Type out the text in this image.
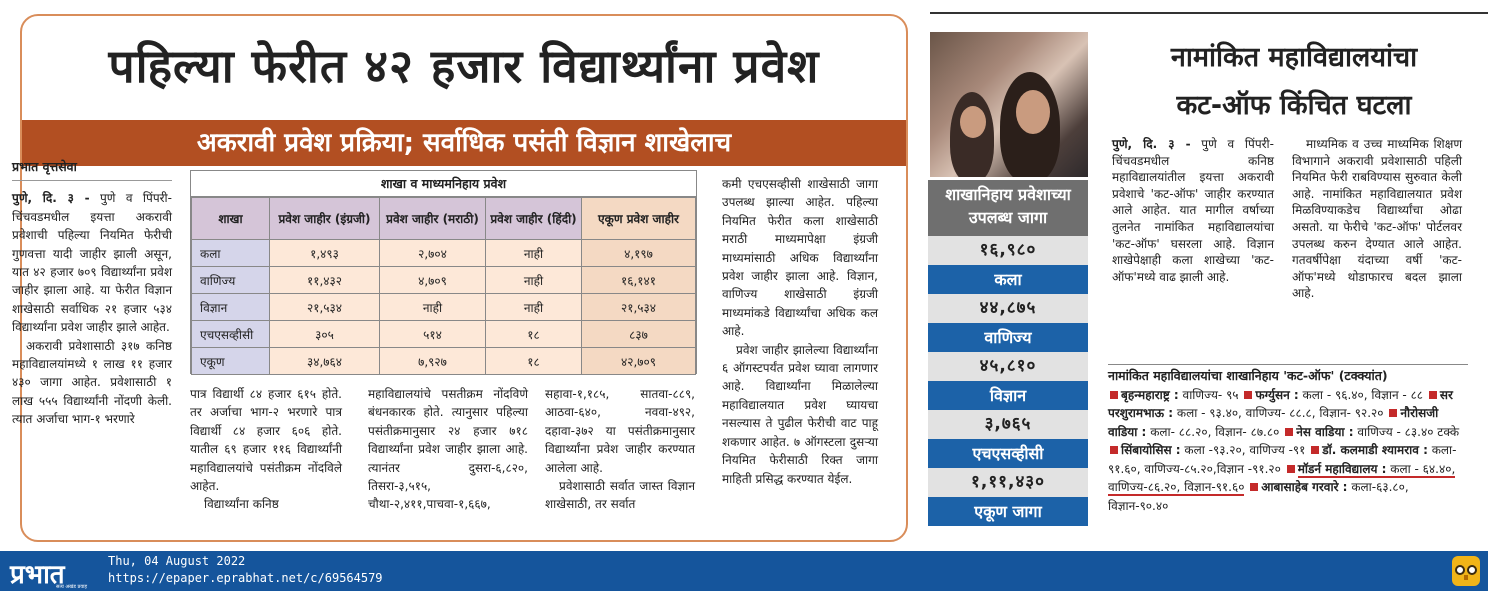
पहिल्या फेरीत ४२ हजार विद्यार्थ्यांना प्रवेश
अकरावी प्रवेश प्रक्रिया; सर्वाधिक पसंती विज्ञान शाखेलाच
प्रभात वृत्तसेवा

पुणे, दि. ३ - पुणे व पिंपरी-चिंचवडमधील इयत्ता अकरावी प्रवेशाची पहिल्या नियमित फेरीची गुणवत्ता यादी जाहीर झाली असून, यात ४२ हजार ७०९ विद्यार्थ्यांना प्रवेश जाहीर झाला आहे. या फेरीत विज्ञान शाखेसाठी सर्वाधिक २१ हजार ५३४ विद्यार्थ्यांना प्रवेश जाहीर झाले आहेत.

अकरावी प्रवेशासाठी ३१७ कनिष्ठ महाविद्यालयांमध्ये १ लाख ११ हजार ४३० जागा आहेत. प्रवेशासाठी १ लाख ५५५ विद्यार्थ्यांनी नोंदणी केली. त्यात अर्जाचा भाग-१ भरणारे

शाखा व माध्यमनिहाय प्रवेश
शाखा	प्रवेश जाहीर (इंग्रजी)	प्रवेश जाहीर (मराठी)	प्रवेश जाहीर (हिंदी)	एकूण प्रवेश जाहीर
कला	१,४९३	२,७०४	नाही	४,१९७
वाणिज्य	११,४३२	४,७०९	नाही	१६,१४१
विज्ञान	२१,५३४	नाही	नाही	२१,५३४
एचएसव्हीसी	३०५	५१४	१८	८३७
एकूण	३४,७६४	७,९२७	१८	४२,७०९

पात्र विद्यार्थी ८४ हजार ६१५ होते. तर अर्जाचा भाग-२ भरणारे पात्र विद्यार्थी ८४ हजार ६०६ होते. यातील ६९ हजार ११६ विद्यार्थ्यांनी महाविद्यालयांचे पसंतीक्रम नोंदविले आहेत.

विद्यार्थ्यांना कनिष्ठ

महाविद्यालयांचे पसतीक्रम नोंदविणे बंधनकारक होते. त्यानुसार पहिल्या पसंतीक्रमानुसार २४ हजार ७१८ विद्यार्थ्यांना प्रवेश जाहीर झाला आहे. त्यानंतर दुसरा-६,८२०, तिसरा-३,५१५, चौथा-२,४११,पाचवा-१,६६७,

सहावा-१,१८५, सातवा-८८९, आठवा-६४०, नववा-४९२, दहावा-३७२ या पसंतीक्रमानुसार विद्यार्थ्यांना प्रवेश जाहीर करण्यात आलेला आहे.

प्रवेशासाठी सर्वात जास्त विज्ञान शाखेसाठी, तर सर्वात

कमी एचएसव्हीसी शाखेसाठी जागा उपलब्ध झाल्या आहेत. पहिल्या नियमित फेरीत कला शाखेसाठी मराठी माध्यमापेक्षा इंग्रजी माध्यमांसाठी अधिक विद्यार्थ्यांना प्रवेश जाहीर झाला आहे. विज्ञान, वाणिज्य शाखेसाठी इंग्रजी माध्यमांकडे विद्यार्थ्यांचा अधिक कल आहे.

प्रवेश जाहीर झालेल्या विद्यार्थ्यांना ६ ऑगस्टपर्यंत प्रवेश घ्यावा लागणार आहे. विद्यार्थ्यांना मिळालेल्या महाविद्यालयात प्रवेश घ्यायचा नसल्यास ते पुढील फेरीची वाट पाहू शकणार आहेत. ७ ऑगस्टला दुसऱ्या नियमित फेरीसाठी रिक्त जागा माहिती प्रसिद्ध करण्यात येईल.

शाखानिहाय प्रवेशाच्या उपलब्ध जागा
१६,९८०
कला
४४,८७५
वाणिज्य
४५,८१०
विज्ञान
३,७६५
एचएसव्हीसी
१,११,४३०
एकूण जागा
नामांकित महाविद्यालयांचा
कट-ऑफ किंचित घटला

पुणे, दि. ३ - पुणे व पिंपरी-चिंचवडमधील कनिष्ठ महाविद्यालयांतील इयत्ता अकरावी प्रवेशाचे 'कट-ऑफ' जाहीर करण्यात आले आहेत. यात मागील वर्षाच्या तुलनेत नामांकित महाविद्यालयांचा 'कट-ऑफ' घसरला आहे. विज्ञान शाखेपेक्षाही कला शाखेच्या 'कट-ऑफ'मध्ये वाढ झाली आहे.

माध्यमिक व उच्च माध्यमिक शिक्षण विभागाने अकरावी प्रवेशासाठी पहिली नियमित फेरी राबविण्यास सुरुवात केली आहे. नामांकित महाविद्यालयात प्रवेश मिळविण्याकडेच विद्यार्थ्यांचा ओढा असतो. या फेरीचे 'कट-ऑफ' पोर्टलवर उपलब्ध करुन देण्यात आले आहेत. गतवर्षीपेक्षा यंदाच्या वर्षी 'कट-ऑफ'मध्ये थोडाफारच बदल झाला आहे.

नामांकित महाविद्यालयांचा शाखानिहाय 'कट-ऑफ' (टक्क्यांत)
बृहन्महाराष्ट्र : वाणिज्य- ९५ फर्ग्युसन : कला - ९६.४०, विज्ञान - ८८ सर परशुरामभाऊ : कला - ९३.४०, वाणिज्य- ८८.८, विज्ञान- ९२.२० नौरोसजी वाडिया : कला- ८८.२०, विज्ञान- ८७.८० नेस वाडिया : वाणिज्य - ८३.४० टक्के सिंबायोसिस : कला -९३.२०, वाणिज्य -९१ डॉ. कलमाडी श्यामराव : कला- ९१.६०, वाणिज्य-८५.२०,विज्ञान -९१.२० मॉडर्न महाविद्यालय : कला - ६४.४०, वाणिज्य-८६.२०, विज्ञान-९१.६० आबासाहेब गरवारे : कला-६३.८०, विज्ञान-९०.४०
प्रभात
सत्य अखंड प्रवाह
Thu, 04 August 2022
https://epaper.eprabhat.net/c/69564579
